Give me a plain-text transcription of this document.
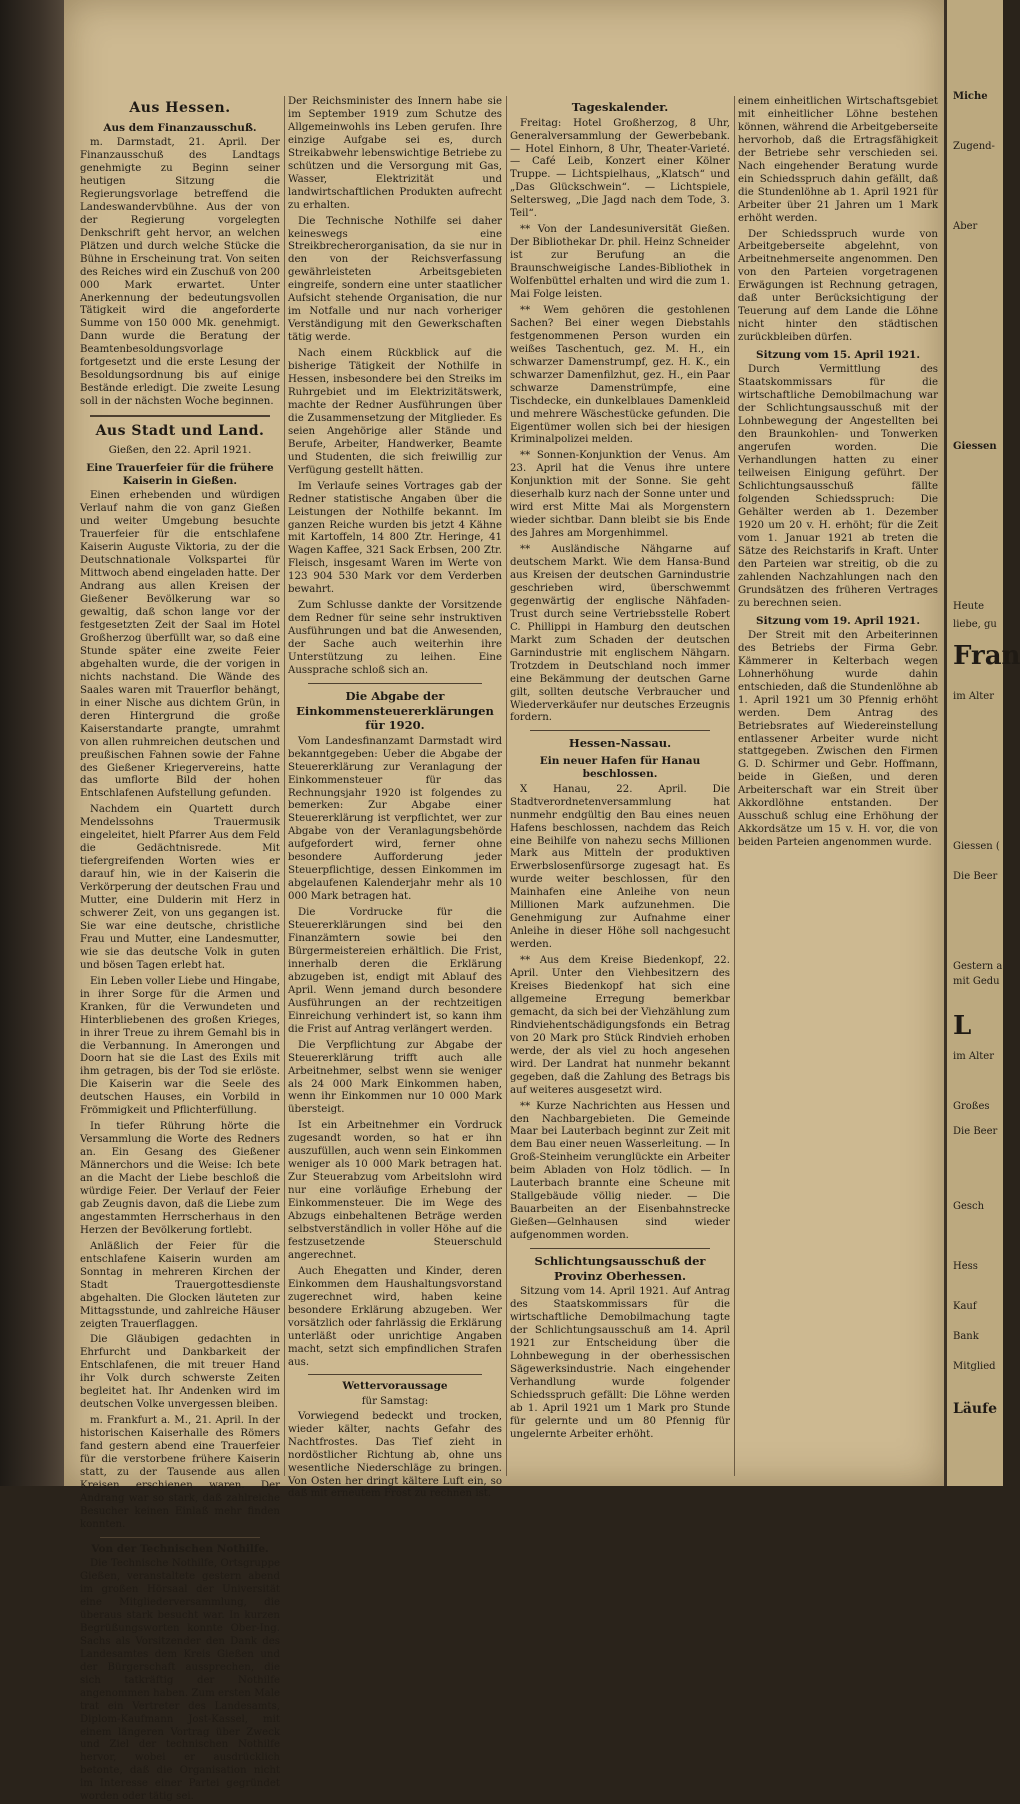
Aus Hessen.
Aus dem Finanzausschuß.

m. Darmstadt, 21. April. Der Finanzausschuß des Landtags genehmigte zu Beginn seiner heutigen Sitzung die Regierungsvorlage betreffend die Landeswandervbühne. Aus der von der Regierung vorgelegten Denkschrift geht hervor, an welchen Plätzen und durch welche Stücke die Bühne in Erscheinung trat. Von seiten des Reiches wird ein Zuschuß von 200 000 Mark erwartet. Unter Anerkennung der bedeutungsvollen Tätigkeit wird die angeforderte Summe von 150 000 Mk. genehmigt. Dann wurde die Beratung der Beamtenbesoldungsvorlage fortgesetzt und die erste Lesung der Besoldungsordnung bis auf einige Bestände erledigt. Die zweite Lesung soll in der nächsten Woche beginnen.

Aus Stadt und Land.
Gießen, den 22. April 1921.
Eine Trauerfeier für die frühere Kaiserin in Gießen.

Einen erhebenden und würdigen Verlauf nahm die von ganz Gießen und weiter Umgebung besuchte Trauerfeier für die entschlafene Kaiserin Auguste Viktoria, zu der die Deutschnationale Volkspartei für Mittwoch abend eingeladen hatte. Der Andrang aus allen Kreisen der Gießener Bevölkerung war so gewaltig, daß schon lange vor der festgesetzten Zeit der Saal im Hotel Großherzog überfüllt war, so daß eine Stunde später eine zweite Feier abgehalten wurde, die der vorigen in nichts nachstand. Die Wände des Saales waren mit Trauerflor behängt, in einer Nische aus dichtem Grün, in deren Hintergrund die große Kaiserstandarte prangte, umrahmt von allen ruhmreichen deutschen und preußischen Fahnen sowie der Fahne des Gießener Kriegervereins, hatte das umflorte Bild der hohen Entschlafenen Aufstellung gefunden.

Nachdem ein Quartett durch Mendelssohns Trauermusik eingeleitet, hielt Pfarrer Aus dem Feld die Gedächtnisrede. Mit tiefergreifenden Worten wies er darauf hin, wie in der Kaiserin die Verkörperung der deutschen Frau und Mutter, eine Dulderin mit Herz in schwerer Zeit, von uns gegangen ist. Sie war eine deutsche, christliche Frau und Mutter, eine Landesmutter, wie sie das deutsche Volk in guten und bösen Tagen erlebt hat.

Ein Leben voller Liebe und Hingabe, in ihrer Sorge für die Armen und Kranken, für die Verwundeten und Hinterbliebenen des großen Krieges, in ihrer Treue zu ihrem Gemahl bis in die Verbannung. In Amerongen und Doorn hat sie die Last des Exils mit ihm getragen, bis der Tod sie erlöste. Die Kaiserin war die Seele des deutschen Hauses, ein Vorbild in Frömmigkeit und Pflichterfüllung.

In tiefer Rührung hörte die Versammlung die Worte des Redners an. Ein Gesang des Gießener Männerchors und die Weise: Ich bete an die Macht der Liebe beschloß die würdige Feier. Der Verlauf der Feier gab Zeugnis davon, daß die Liebe zum angestammten Herrscherhaus in den Herzen der Bevölkerung fortlebt.

Anläßlich der Feier für die entschlafene Kaiserin wurden am Sonntag in mehreren Kirchen der Stadt Trauergottesdienste abgehalten. Die Glocken läuteten zur Mittagsstunde, und zahlreiche Häuser zeigten Trauerflaggen.

Die Gläubigen gedachten in Ehrfurcht und Dankbarkeit der Entschlafenen, die mit treuer Hand ihr Volk durch schwerste Zeiten begleitet hat. Ihr Andenken wird im deutschen Volke unvergessen bleiben.

m. Frankfurt a. M., 21. April. In der historischen Kaiserhalle des Römers fand gestern abend eine Trauerfeier für die verstorbene frühere Kaiserin statt, zu der Tausende aus allen Kreisen erschienen waren. Der Andrang war so stark, daß zahlreiche Besucher keinen Einlaß mehr finden konnten.

Von der Technischen Nothilfe.

Die Technische Nothilfe, Ortsgruppe Gießen, veranstaltete gestern abend im großen Hörsaal der Universität eine Mitgliederversammlung, die überaus stark besucht war. In kurzen Begrüßungsworten konnte Ober-Ing. Sachs als Vorsitzender den Dank des Landesamtes dem Kreis Gießen und der Bürgerschaft aussprechen, die sich tatkräftig der Nothilfe angenommen haben. Zum ersten Male trat ein Vertreter des Landesamts, Diplom-Kaufmann Jost-Kassel, mit einem längeren Vortrag über Zweck und Ziel der technischen Nothilfe hervor, wobei er ausdrücklich betonte, daß die Organisation nicht im Interesse einer Partei gegründet worden oder tätig sei.

Der Reichsminister des Innern habe sie im September 1919 zum Schutze des Allgemeinwohls ins Leben gerufen. Ihre einzige Aufgabe sei es, durch Streikabwehr lebenswichtige Betriebe zu schützen und die Versorgung mit Gas, Wasser, Elektrizität und landwirtschaftlichen Produkten aufrecht zu erhalten.

Die Technische Nothilfe sei daher keineswegs eine Streikbrecherorganisation, da sie nur in den von der Reichsverfassung gewährleisteten Arbeitsgebieten eingreife, sondern eine unter staatlicher Aufsicht stehende Organisation, die nur im Notfalle und nur nach vorheriger Verständigung mit den Gewerkschaften tätig werde.

Nach einem Rückblick auf die bisherige Tätigkeit der Nothilfe in Hessen, insbesondere bei den Streiks im Ruhrgebiet und im Elektrizitätswerk, machte der Redner Ausführungen über die Zusammensetzung der Mitglieder. Es seien Angehörige aller Stände und Berufe, Arbeiter, Handwerker, Beamte und Studenten, die sich freiwillig zur Verfügung gestellt hätten.

Im Verlaufe seines Vortrages gab der Redner statistische Angaben über die Leistungen der Nothilfe bekannt. Im ganzen Reiche wurden bis jetzt 4 Kähne mit Kartoffeln, 14 800 Ztr. Heringe, 41 Wagen Kaffee, 321 Sack Erbsen, 200 Ztr. Fleisch, insgesamt Waren im Werte von 123 904 530 Mark vor dem Verderben bewahrt.

Zum Schlusse dankte der Vorsitzende dem Redner für seine sehr instruktiven Ausführungen und bat die Anwesenden, der Sache auch weiterhin ihre Unterstützung zu leihen. Eine Aussprache schloß sich an.

Die Abgabe der Einkommensteuererklärungen für 1920.

Vom Landesfinanzamt Darmstadt wird bekanntgegeben: Ueber die Abgabe der Steuererklärung zur Veranlagung der Einkommensteuer für das Rechnungsjahr 1920 ist folgendes zu bemerken: Zur Abgabe einer Steuererklärung ist verpflichtet, wer zur Abgabe von der Veranlagungsbehörde aufgefordert wird, ferner ohne besondere Aufforderung jeder Steuerpflichtige, dessen Einkommen im abgelaufenen Kalenderjahr mehr als 10 000 Mark betragen hat.

Die Vordrucke für die Steuererklärungen sind bei den Finanzämtern sowie bei den Bürgermeistereien erhältlich. Die Frist, innerhalb deren die Erklärung abzugeben ist, endigt mit Ablauf des April. Wenn jemand durch besondere Ausführungen an der rechtzeitigen Einreichung verhindert ist, so kann ihm die Frist auf Antrag verlängert werden.

Die Verpflichtung zur Abgabe der Steuererklärung trifft auch alle Arbeitnehmer, selbst wenn sie weniger als 24 000 Mark Einkommen haben, wenn ihr Einkommen nur 10 000 Mark übersteigt.

Ist ein Arbeitnehmer ein Vordruck zugesandt worden, so hat er ihn auszufüllen, auch wenn sein Einkommen weniger als 10 000 Mark betragen hat. Zur Steuerabzug vom Arbeitslohn wird nur eine vorläufige Erhebung der Einkommensteuer. Die im Wege des Abzugs einbehaltenen Beträge werden selbstverständlich in voller Höhe auf die festzusetzende Steuerschuld angerechnet.

Auch Ehegatten und Kinder, deren Einkommen dem Haushaltungsvorstand zugerechnet wird, haben keine besondere Erklärung abzugeben. Wer vorsätzlich oder fahrlässig die Erklärung unterläßt oder unrichtige Angaben macht, setzt sich empfindlichen Strafen aus.

Wettervoraussage
für Samstag:

Vorwiegend bedeckt und trocken, wieder kälter, nachts Gefahr des Nachtfrostes. Das Tief zieht in nordöstlicher Richtung ab, ohne uns wesentliche Niederschläge zu bringen. Von Osten her dringt kältere Luft ein, so daß mit erneutem Frost zu rechnen ist.

Tageskalender.

Freitag: Hotel Großherzog, 8 Uhr, Generalversammlung der Gewerbebank. — Hotel Einhorn, 8 Uhr, Theater-Varieté. — Café Leib, Konzert einer Kölner Truppe. — Lichtspielhaus, „Klatsch“ und „Das Glückschwein“. — Lichtspiele, Seltersweg, „Die Jagd nach dem Tode, 3. Teil“.

** Von der Landesuniversität Gießen. Der Bibliothekar Dr. phil. Heinz Schneider ist zur Berufung an die Braunschweigische Landes-Bibliothek in Wolfenbüttel erhalten und wird die zum 1. Mai Folge leisten.

** Wem gehören die gestohlenen Sachen? Bei einer wegen Diebstahls festgenommenen Person wurden ein weißes Taschentuch, gez. M. H., ein schwarzer Damenstrumpf, gez. H. K., ein schwarzer Damenfilzhut, gez. H., ein Paar schwarze Damenstrümpfe, eine Tischdecke, ein dunkelblaues Damenkleid und mehrere Wäschestücke gefunden. Die Eigentümer wollen sich bei der hiesigen Kriminalpolizei melden.

** Sonnen-Konjunktion der Venus. Am 23. April hat die Venus ihre untere Konjunktion mit der Sonne. Sie geht dieserhalb kurz nach der Sonne unter und wird erst Mitte Mai als Morgenstern wieder sichtbar. Dann bleibt sie bis Ende des Jahres am Morgenhimmel.

** Ausländische Nähgarne auf deutschem Markt. Wie dem Hansa-Bund aus Kreisen der deutschen Garnindustrie geschrieben wird, überschwemmt gegenwärtig der englische Nähfaden-Trust durch seine Vertriebsstelle Robert C. Phillippi in Hamburg den deutschen Markt zum Schaden der deutschen Garnindustrie mit englischem Nähgarn. Trotzdem in Deutschland noch immer eine Bekämmung der deutschen Garne gilt, sollten deutsche Verbraucher und Wiederverkäufer nur deutsches Erzeugnis fordern.

Hessen-Nassau.
Ein neuer Hafen für Hanau beschlossen.

X Hanau, 22. April. Die Stadtverordnetenversammlung hat nunmehr endgültig den Bau eines neuen Hafens beschlossen, nachdem das Reich eine Beihilfe von nahezu sechs Millionen Mark aus Mitteln der produktiven Erwerbslosenfürsorge zugesagt hat. Es wurde weiter beschlossen, für den Mainhafen eine Anleihe von neun Millionen Mark aufzunehmen. Die Genehmigung zur Aufnahme einer Anleihe in dieser Höhe soll nachgesucht werden.

** Aus dem Kreise Biedenkopf, 22. April. Unter den Viehbesitzern des Kreises Biedenkopf hat sich eine allgemeine Erregung bemerkbar gemacht, da sich bei der Viehzählung zum Rindviehentschädigungsfonds ein Betrag von 20 Mark pro Stück Rindvieh erhoben werde, der als viel zu hoch angesehen wird. Der Landrat hat nunmehr bekannt gegeben, daß die Zahlung des Betrags bis auf weiteres ausgesetzt wird.

** Kurze Nachrichten aus Hessen und den Nachbargebieten. Die Gemeinde Maar bei Lauterbach beginnt zur Zeit mit dem Bau einer neuen Wasserleitung. — In Groß-Steinheim verunglückte ein Arbeiter beim Abladen von Holz tödlich. — In Lauterbach brannte eine Scheune mit Stallgebäude völlig nieder. — Die Bauarbeiten an der Eisenbahnstrecke Gießen—Gelnhausen sind wieder aufgenommen worden.

Schlichtungsausschuß der Provinz Oberhessen.

Sitzung vom 14. April 1921. Auf Antrag des Staatskommissars für die wirtschaftliche Demobilmachung tagte der Schlichtungsausschuß am 14. April 1921 zur Entscheidung über die Lohnbewegung in der oberhessischen Sägewerksindustrie. Nach eingehender Verhandlung wurde folgender Schiedsspruch gefällt: Die Löhne werden ab 1. April 1921 um 1 Mark pro Stunde für gelernte und um 80 Pfennig für ungelernte Arbeiter erhöht.

einem einheitlichen Wirtschaftsgebiet mit einheitlicher Löhne bestehen können, während die Arbeitgeberseite hervorhob, daß die Ertragsfähigkeit der Betriebe sehr verschieden sei. Nach eingehender Beratung wurde ein Schiedsspruch dahin gefällt, daß die Stundenlöhne ab 1. April 1921 für Arbeiter über 21 Jahren um 1 Mark erhöht werden.

Der Schiedsspruch wurde von Arbeitgeberseite abgelehnt, von Arbeitnehmerseite angenommen. Den von den Parteien vorgetragenen Erwägungen ist Rechnung getragen, daß unter Berücksichtigung der Teuerung auf dem Lande die Löhne nicht hinter den städtischen zurückbleiben dürfen.

Sitzung vom 15. April 1921.

Durch Vermittlung des Staatskommissars für die wirtschaftliche Demobilmachung war der Schlichtungsausschuß mit der Lohnbewegung der Angestellten bei den Braunkohlen- und Tonwerken angerufen worden. Die Verhandlungen hatten zu einer teilweisen Einigung geführt. Der Schlichtungsausschuß fällte folgenden Schiedsspruch: Die Gehälter werden ab 1. Dezember 1920 um 20 v. H. erhöht; für die Zeit vom 1. Januar 1921 ab treten die Sätze des Reichstarifs in Kraft. Unter den Parteien war streitig, ob die zu zahlenden Nachzahlungen nach den Grundsätzen des früheren Vertrages zu berechnen seien.

Sitzung vom 19. April 1921.

Der Streit mit den Arbeiterinnen des Betriebs der Firma Gebr. Kämmerer in Kelterbach wegen Lohnerhöhung wurde dahin entschieden, daß die Stundenlöhne ab 1. April 1921 um 30 Pfennig erhöht werden. Dem Antrag des Betriebsrates auf Wiedereinstellung entlassener Arbeiter wurde nicht stattgegeben. Zwischen den Firmen G. D. Schirmer und Gebr. Hoffmann, beide in Gießen, und deren Arbeiterschaft war ein Streit über Akkordlöhne entstanden. Der Ausschuß schlug eine Erhöhung der Akkordsätze um 15 v. H. vor, die von beiden Parteien angenommen wurde.

Miche
Zugend-
Aber
Giessen
Heute
liebe, gu
Fran
im Alter
Giessen (
Die Beer
Gestern a
mit Gedu
L
im Alter
Großes
Die Beer
Gesch
Hess
Kauf
Bank
Mitglied
Läufe
